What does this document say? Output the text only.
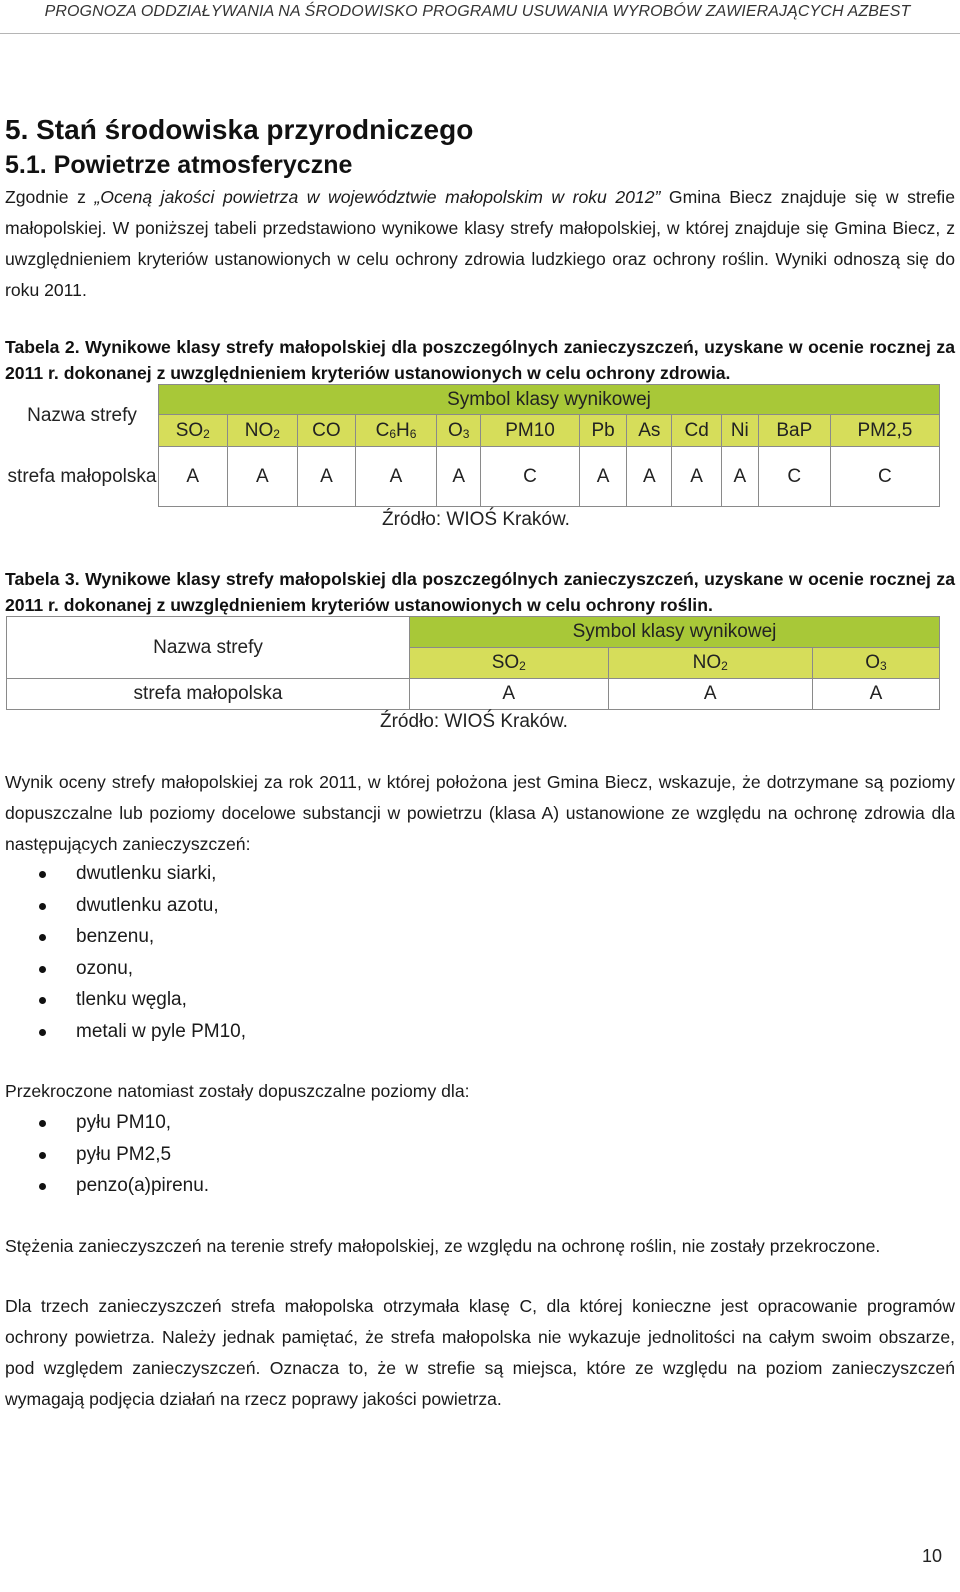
PROGNOZA ODDZIAŁYWANIA NA ŚRODOWISKO PROGRAMU USUWANIA WYROBÓW ZAWIERAJĄCYCH AZBEST
5. Stań środowiska przyrodniczego
5.1. Powietrze atmosferyczne
Zgodnie z „Oceną jakości powietrza w województwie małopolskim w roku 2012” Gmina Biecz znajduje się w strefie małopolskiej. W poniższej tabeli przedstawiono wynikowe klasy strefy małopolskiej, w której znajduje się Gmina Biecz, z uwzględnieniem kryteriów ustanowionych w celu ochrony zdrowia ludzkiego oraz ochrony roślin. Wyniki odnoszą się do roku 2011.
Tabela 2. Wynikowe klasy strefy małopolskiej dla poszczególnych zanieczyszczeń, uzyskane w ocenie rocznej za 2011 r. dokonanej z uwzględnieniem kryteriów ustanowionych w celu ochrony zdrowia.
Nazwa strefy	Symbol klasy wynikowej											
	$SO_2$	$NO_2$	CO	$C_6H_6$	$O_3$	PM10	Pb	As	Cd	Ni	BaP	PM2,5
strefa małopolska	A	A	A	A	A	C	A	A	A	A	C	C
Źródło: WIOŚ Kraków.
Tabela 3. Wynikowe klasy strefy małopolskiej dla poszczególnych zanieczyszczeń, uzyskane w ocenie rocznej za 2011 r. dokonanej z uwzględnieniem kryteriów ustanowionych w celu ochrony roślin.
Nazwa strefy	Symbol klasy wynikowej		
	$SO_2$	$NO_2$	$O_3$
strefa małopolska	A	A	A
Źródło: WIOŚ Kraków.
Wynik oceny strefy małopolskiej za rok 2011, w której położona jest Gmina Biecz, wskazuje, że dotrzymane są poziomy dopuszczalne lub poziomy docelowe substancji w powietrzu (klasa A) ustanowione ze względu na ochronę zdrowia dla następujących zanieczyszczeń:
dwutlenku siarki,
dwutlenku azotu,
benzenu,
ozonu,
tlenku węgla,
metali w pyle PM10,
Przekroczone natomiast zostały dopuszczalne poziomy dla:
pyłu PM10,
pyłu PM2,5
penzo(a)pirenu.
Stężenia zanieczyszczeń na terenie strefy małopolskiej, ze względu na ochronę roślin, nie zostały przekroczone.
Dla trzech zanieczyszczeń strefa małopolska otrzymała klasę C, dla której konieczne jest opracowanie programów ochrony powietrza. Należy jednak pamiętać, że strefa małopolska nie wykazuje jednolitości na całym swoim obszarze, pod względem zanieczyszczeń. Oznacza to, że w strefie są miejsca, które ze względu na poziom zanieczyszczeń wymagają podjęcia działań na rzecz poprawy jakości powietrza.
10
